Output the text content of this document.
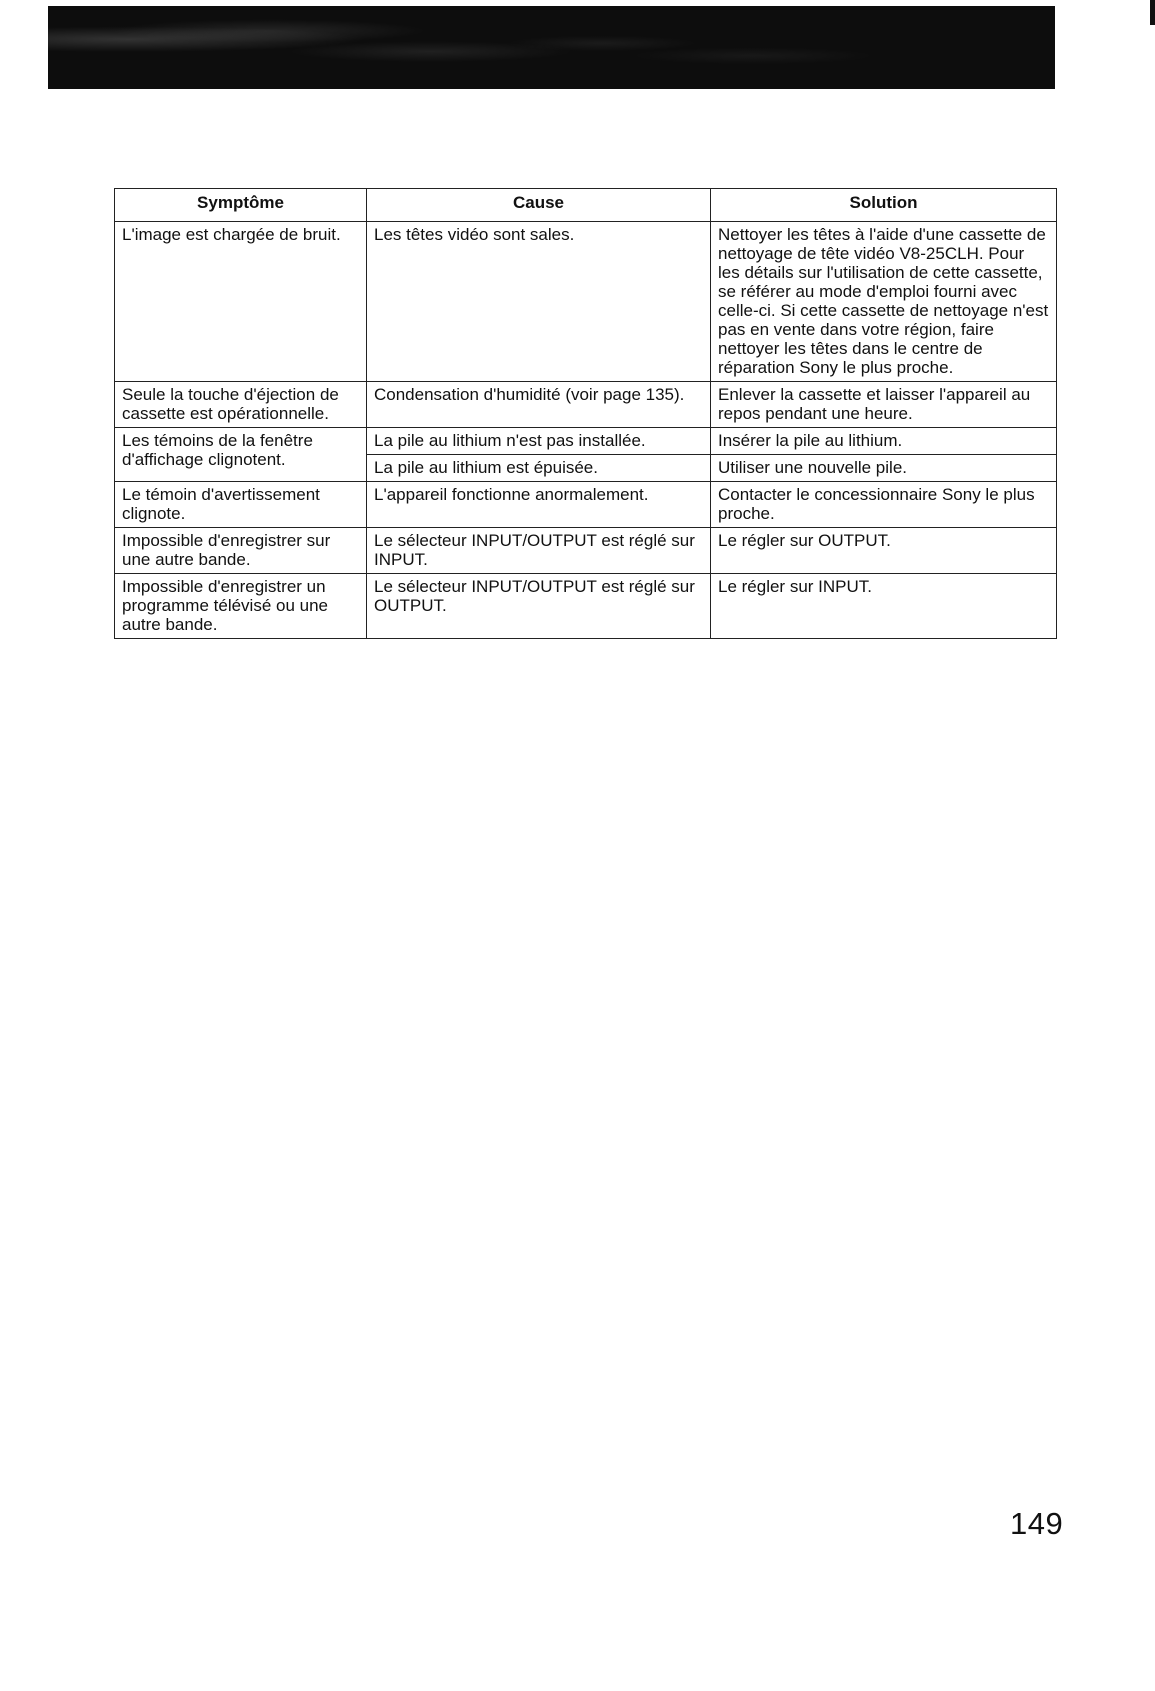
Symptôme	Cause	Solution
L'image est chargée de bruit.	Les têtes vidéo sont sales.	Nettoyer les têtes à l'aide d'une cassette de nettoyage de tête vidéo V8-25CLH. Pour les détails sur l'utilisation de cette cassette, se référer au mode d'emploi fourni avec celle-ci. Si cette cassette de nettoyage n'est pas en vente dans votre région, faire nettoyer les têtes dans le centre de réparation Sony le plus proche.
Seule la touche d'éjection de cassette est opérationnelle.	Condensation d'humidité (voir page 135).	Enlever la cassette et laisser l'appareil au repos pendant une heure.
Les témoins de la fenêtre d'affichage clignotent.	La pile au lithium n'est pas installée.	Insérer la pile au lithium.
	La pile au lithium est épuisée.	Utiliser une nouvelle pile.
Le témoin d'avertissement clignote.	L'appareil fonctionne anormalement.	Contacter le concessionnaire Sony le plus proche.
Impossible d'enregistrer sur une autre bande.	Le sélecteur INPUT/OUTPUT est réglé sur INPUT.	Le régler sur OUTPUT.
Impossible d'enregistrer un programme télévisé ou une autre bande.	Le sélecteur INPUT/OUTPUT est réglé sur OUTPUT.	Le régler sur INPUT.
149
